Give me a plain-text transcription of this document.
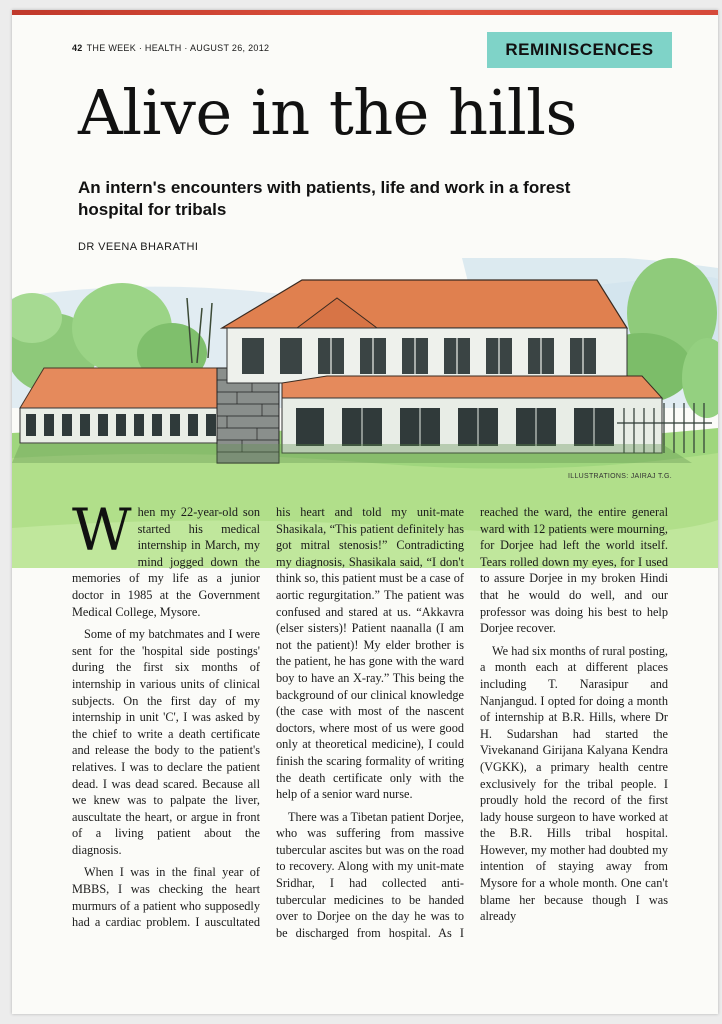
42 THE WEEK · HEALTH · AUGUST 26, 2012	REMINISCENCES
Alive in the hills

An intern's encounters with patients, life and work in a forest hospital for tribals

DR VEENA BHARATHI
ILLUSTRATIONS: JAIRAJ T.G.

When my 22-year-old son started his medical internship in March, my mind jogged down the memories of my life as a junior doctor in 1985 at the Government Medical College, Mysore.

Some of my batchmates and I were sent for the 'hospital side postings' during the first six months of internship in various units of clinical subjects. On the first day of my internship in unit 'C', I was asked by the chief to write a death certificate and release the body to the patient's relatives. I was to declare the patient dead. I was dead scared. Because all we knew was to palpate the liver, auscultate the heart, or argue in front of a living patient about the diagnosis.

When I was in the final year of MBBS, I was checking the heart murmurs of a patient who supposedly had a cardiac problem. I auscultated his heart and told my unit-mate Shasikala, “This patient definitely has got mitral stenosis!” Contradicting my diagnosis, Shasikala said, “I don't think so, this patient must be a case of aortic regurgitation.” The patient was confused and stared at us. “Akkavra (elser sisters)! Patient naanalla (I am not the patient)! My elder brother is the patient, he has gone with the ward boy to have an X-ray.” This being the background of our clinical knowledge (the case with most of the nascent doctors, where most of us were good only at theoretical medicine), I could finish the scaring formality of writing the death certificate only with the help of a senior ward nurse.

There was a Tibetan patient Dorjee, who was suffering from massive tubercular ascites but was on the road to recovery. Along with my unit-mate Sridhar, I had collected anti-tubercular medicines to be handed over to Dorjee on the day he was to be discharged from hospital. As I reached the ward, the entire general ward with 12 patients were mourning, for Dorjee had left the world itself. Tears rolled down my eyes, for I used to assure Dorjee in my broken Hindi that he would do well, and our professor was doing his best to help Dorjee recover.

We had six months of rural posting, a month each at different places including T. Narasipur and Nanjangud. I opted for doing a month of internship at B.R. Hills, where Dr H. Sudarshan had started the Vivekanand Girijana Kalyana Kendra (VGKK), a primary health centre exclusively for the tribal people. I proudly hold the record of the first lady house surgeon to have worked at the B.R. Hills tribal hospital. However, my mother had doubted my intention of staying away from Mysore for a whole month. One can't blame her because though I was already
